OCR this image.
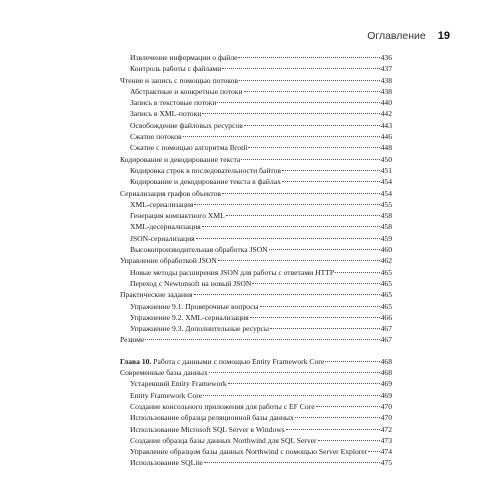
Оглавление 19
Извлечение информации о файле	436
Контроль работы с файлами	437
Чтение и запись с помощью потоков	438
Абстрактные и конкретные потоки	438
Запись в текстовые потоки	440
Запись в XML-потоки	442
Освобождение файловых ресурсов	443
Сжатие потоков	446
Сжатие с помощью алгоритма Brotli	448
Кодирование и декодирование текста	450
Кодировка строк в последовательности байтов	451
Кодирование и декодирование текста в файлах	454
Сериализация графов объектов	454
XML-сериализация	455
Генерация компактного XML	458
XML-десериализация	458
JSON-сериализация	459
Высокопроизводительная обработка JSON	460
Управление обработкой JSON	462
Новые методы расширения JSON для работы с ответами HTTP	465
Переход с Newtonsoft на новый JSON	465
Практические задания	465
Упражнение 9.1. Проверочные вопросы	465
Упражнение 9.2. XML-сериализация	466
Упражнение 9.3. Дополнительные ресурсы	467
Резюме	467
Глава 10. Работа с данными с помощью Entity Framework Core	468
Современные базы данных	468
Устаревший Entity Framework	469
Entity Framework Core	469
Создание консольного приложения для работы с EF Core	470
Использование образца реляционной базы данных	470
Использование Microsoft SQL Server в Windows	472
Создание образца базы данных Northwind для SQL Server	473
Управление образцом базы данных Northwind с помощью Server Explorer 474
Использование SQLite	475
